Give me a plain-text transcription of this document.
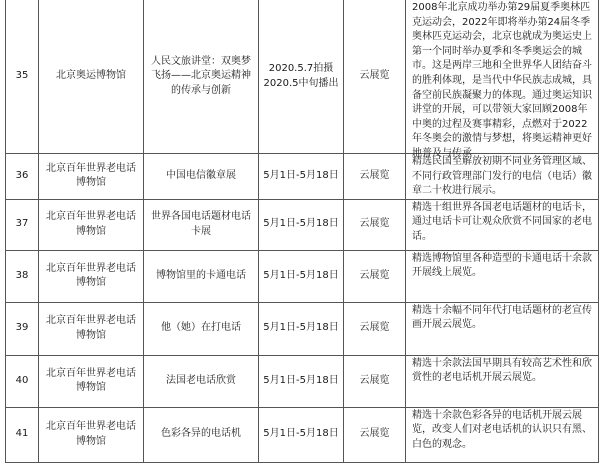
35	北京奥运博物馆	人民文旅讲堂：双奥梦飞扬——北京奥运精神的传承与创新	2020.5.7拍摄 2020.5中旬播出	云展览	2008年北京成功举办第29届夏季奥林匹克运动会，2022年即将举办第24届冬季奥林匹克运动会，北京也就成为奥运史上第一个同时举办夏季和冬季奥运会的城市。这是两岸三地和全世界华人团结奋斗的胜利体现，是当代中华民族志成城，具备空前民族凝聚力的体现。通过奥运知识讲堂的开展，可以带领大家回顾2008年中奥的过程及赛事精彩，点燃对于2022年冬奥会的激情与梦想，将奥运精神更好地普及与传承

36	北京百年世界老电话博物馆	中国电信徽章展	5月1日-5月18日	云展览	精选民国至解放初期不同业务管理区域、不同行政管理部门发行的电信（电话）徽章二十枚进行展示。

37	北京百年世界老电话博物馆	世界各国电话题材电话卡展	5月1日-5月18日	云展览	精选十组世界各国老电话题材的电话卡，通过电话卡可让观众欣赏不同国家的老电话。

38	北京百年世界老电话博物馆	博物馆里的卡通电话	5月1日-5月18日	云展览	精选博物馆里各种造型的卡通电话十余款开展线上展览。

39	北京百年世界老电话博物馆	他（她）在打电话	5月1日-5月18日	云展览	精选十余幅不同年代打电话题材的老宣传画开展云展览。

40	北京百年世界老电话博物馆	法国老电话欣赏	5月1日-5月18日	云展览	精选十余款法国早期具有较高艺术性和欣赏性的老电话机开展云展览。

41	北京百年世界老电话博物馆	色彩各异的电话机	5月1日-5月18日	云展览	精选十余款色彩各异的电话机开展云展览，改变人们对老电话机的认识只有黑、白色的观念。
